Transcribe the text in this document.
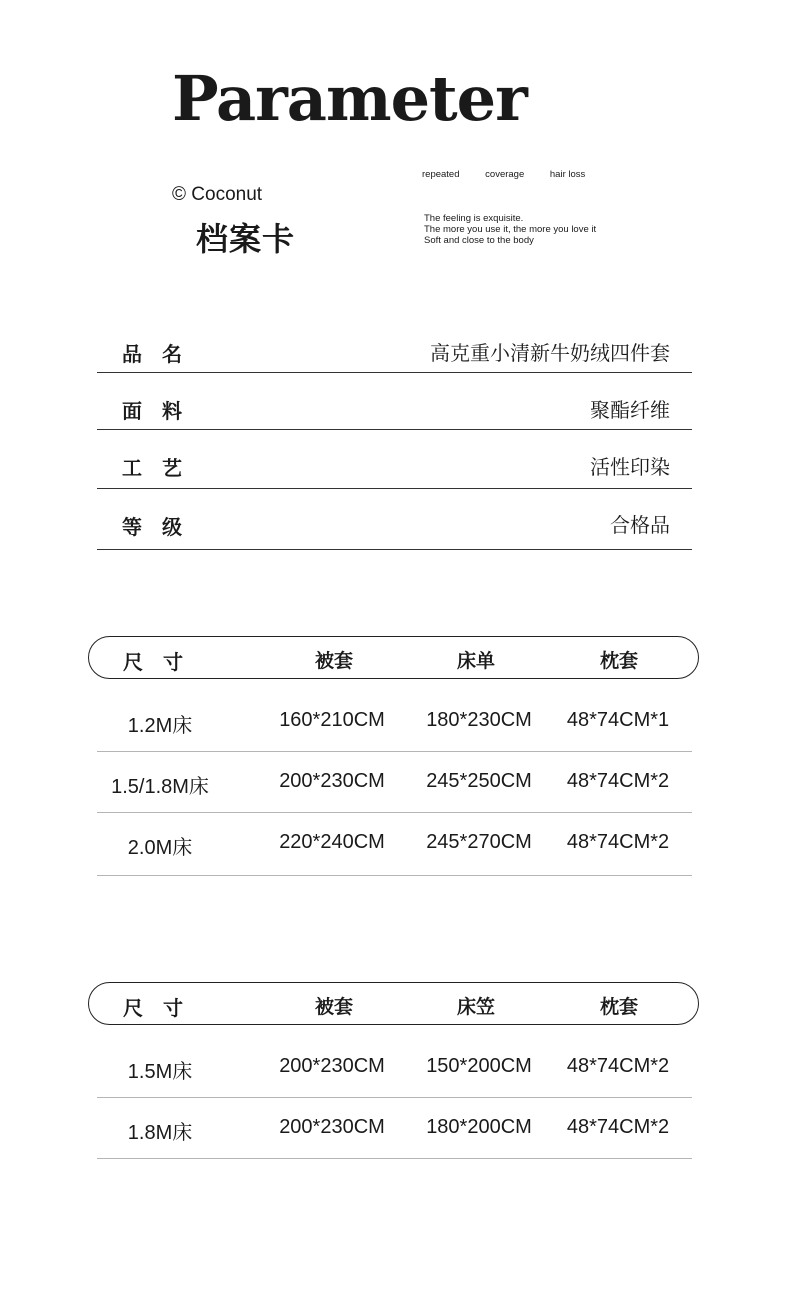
Parameter
© Coconut
档案卡
repeated	coverage	hair loss
The feeling is exquisite.
The more you use it, the more you love it
Soft and close to the body
品名	高克重小清新牛奶绒四件套
面料	聚酯纤维
工艺	活性印染
等级	合格品
尺寸	被套	床单	枕套
1.2M床	160*210CM 180*230CM 48*74CM*1
1.5/1.8M床	200*230CM 245*250CM 48*74CM*2
2.0M床	220*240CM 245*270CM 48*74CM*2
尺寸	被套	床笠	枕套
1.5M床	200*230CM 150*200CM 48*74CM*2
1.8M床	200*230CM 180*200CM 48*74CM*2
